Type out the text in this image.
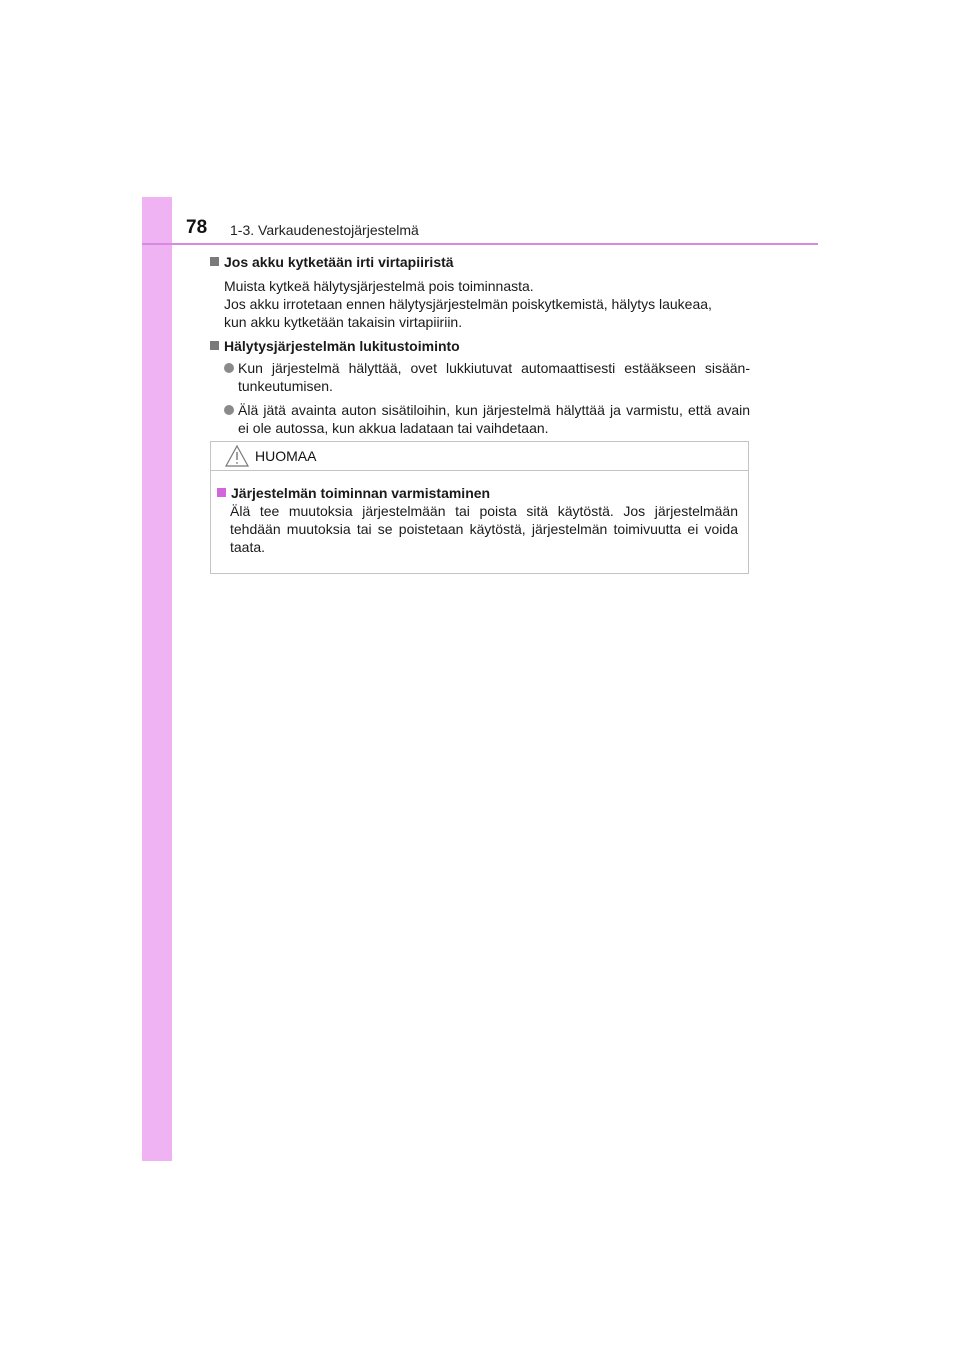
78 1-3. Varkaudenestojärjestelmä
Jos akku kytketään irti virtapiiristä
Muista kytkeä hälytysjärjestelmä pois toiminnasta.
Jos akku irrotetaan ennen hälytysjärjestelmän poiskytkemistä, hälytys laukeaa,
kun akku kytketään takaisin virtapiiriin.
Hälytysjärjestelmän lukitustoiminto
Kun järjestelmä hälyttää, ovet lukkiutuvat automaattisesti estääkseen sisään-tunkeutumisen.
Älä jätä avainta auton sisätiloihin, kun järjestelmä hälyttää ja varmistu, että avain ei ole autossa, kun akkua ladataan tai vaihdetaan.
HUOMAA
Järjestelmän toiminnan varmistaminen
Älä tee muutoksia järjestelmään tai poista sitä käytöstä. Jos järjestelmään tehdään muutoksia tai se poistetaan käytöstä, järjestelmän toimivuutta ei voida taata.
